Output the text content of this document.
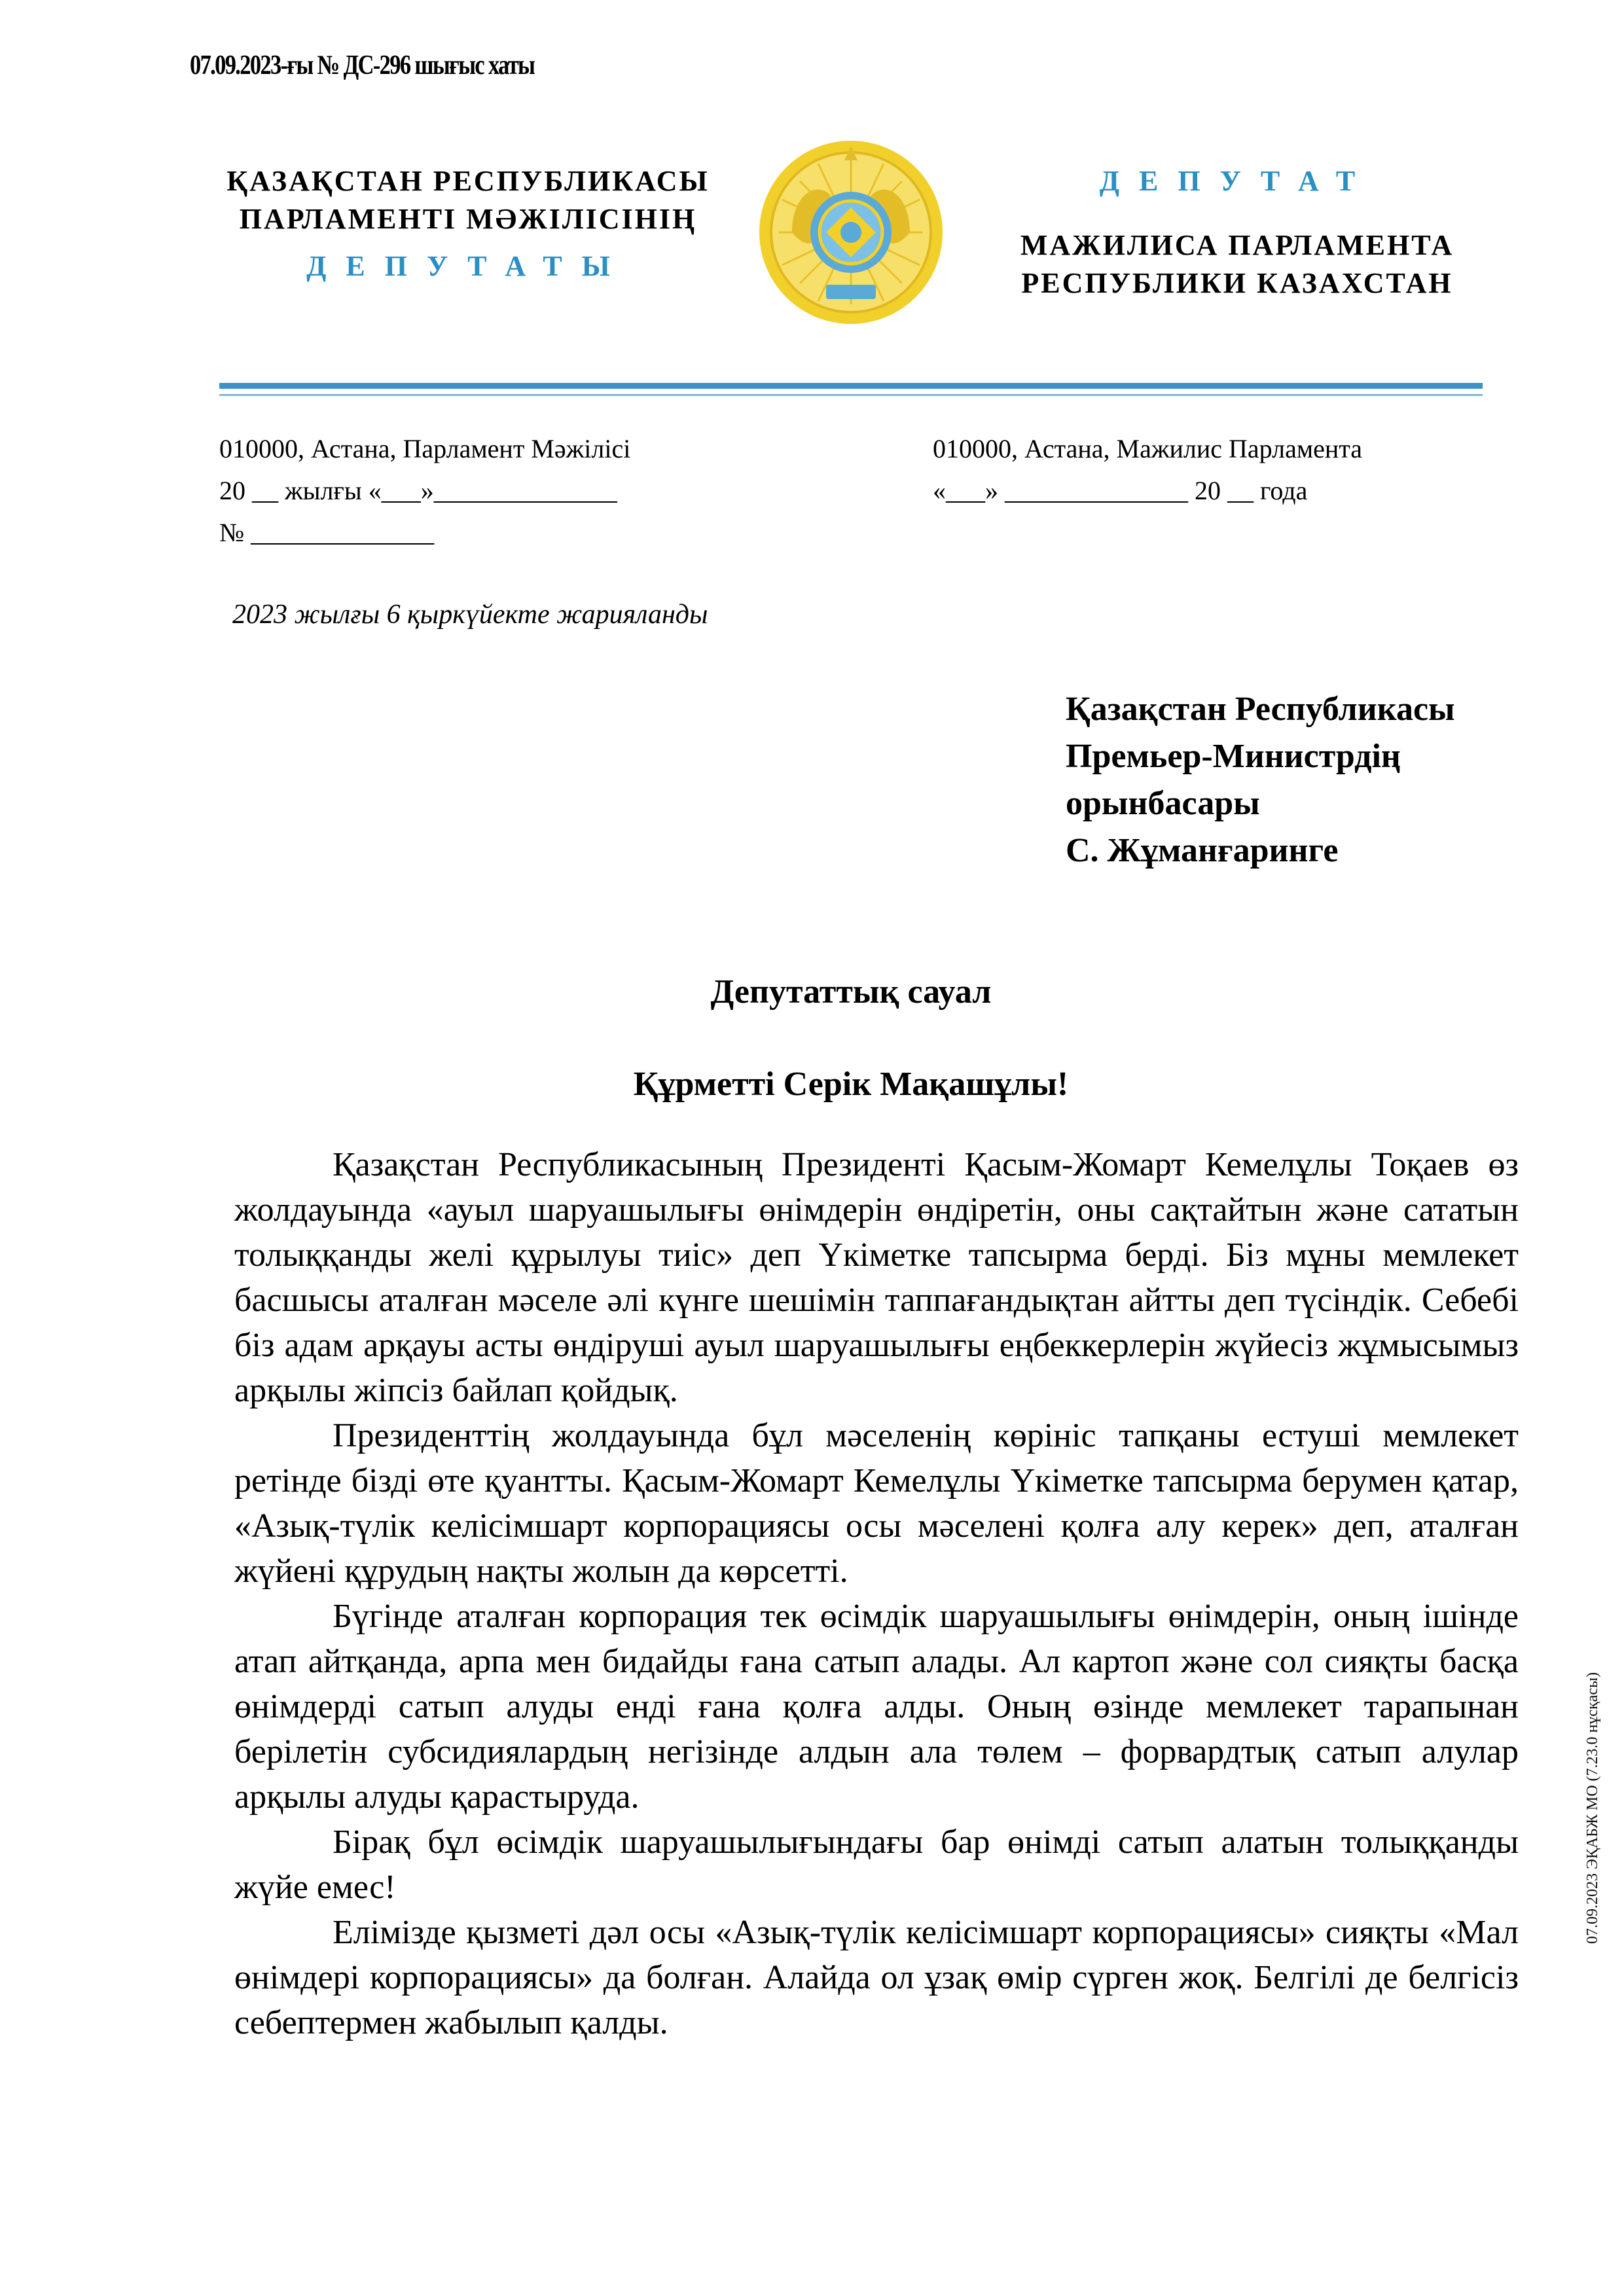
07.09.2023-ғы № ДС-296 шығыс хаты
ҚАЗАҚСТАН РЕСПУБЛИКАСЫ
ПАРЛАМЕНТІ МӘЖІЛІСІНІҢ
ДЕПУТАТЫ
ДЕПУТАТ
МАЖИЛИСА ПАРЛАМЕНТА
РЕСПУБЛИКИ КАЗАХСТАН
010000, Астана, Парламент Мәжілісі
20 __ жылғы «___»______________
№ ______________
010000, Астана, Мажилис Парламента
«___» ______________ 20 __ года
2023 жылғы 6 қыркүйекте жарияланды
Қазақстан Республикасы
Премьер-Министрдің
орынбасары
С. Жұманғаринге
Депутаттық сауал
Құрметті Серік Мақашұлы!

Қазақстан Республикасының Президенті Қасым-Жомарт Кемелұлы Тоқаев өз жолдауында «ауыл шаруашылығы өнімдерін өндіретін, оны сақтайтын және сататын толыққанды желі құрылуы тиіс» деп Үкіметке тапсырма берді. Біз мұны мемлекет басшысы аталған мәселе әлі күнге шешімін таппағандықтан айтты деп түсіндік. Себебі біз адам арқауы асты өндіруші ауыл шаруашылығы еңбеккерлерін жүйесіз жұмысымыз арқылы жіпсіз байлап қойдық.

Президенттің жолдауында бұл мәселенің көрініс тапқаны естуші мемлекет ретінде бізді өте қуантты. Қасым-Жомарт Кемелұлы Үкіметке тапсырма берумен қатар, «Азық-түлік келісімшарт корпорациясы осы мәселені қолға алу керек» деп, аталған жүйені құрудың нақты жолын да көрсетті.

Бүгінде аталған корпорация тек өсімдік шаруашылығы өнімдерін, оның ішінде атап айтқанда, арпа мен бидайды ғана сатып алады. Ал картоп және сол сияқты басқа өнімдерді сатып алуды енді ғана қолға алды. Оның өзінде мемлекет тарапынан берілетін субсидиялардың негізінде алдын ала төлем – форвардтық сатып алулар арқылы алуды қарастыруда.

Бірақ бұл өсімдік шаруашылығындағы бар өнімді сатып алатын толыққанды жүйе емес!

Елімізде қызметі дәл осы «Азық-түлік келісімшарт корпорациясы» сияқты «Мал өнімдері корпорациясы» да болған. Алайда ол ұзақ өмір сүрген жоқ. Белгілі де белгісіз себептермен жабылып қалды.

07.09.2023 ЭҚАБЖ МО (7.23.0 нұсқасы)
